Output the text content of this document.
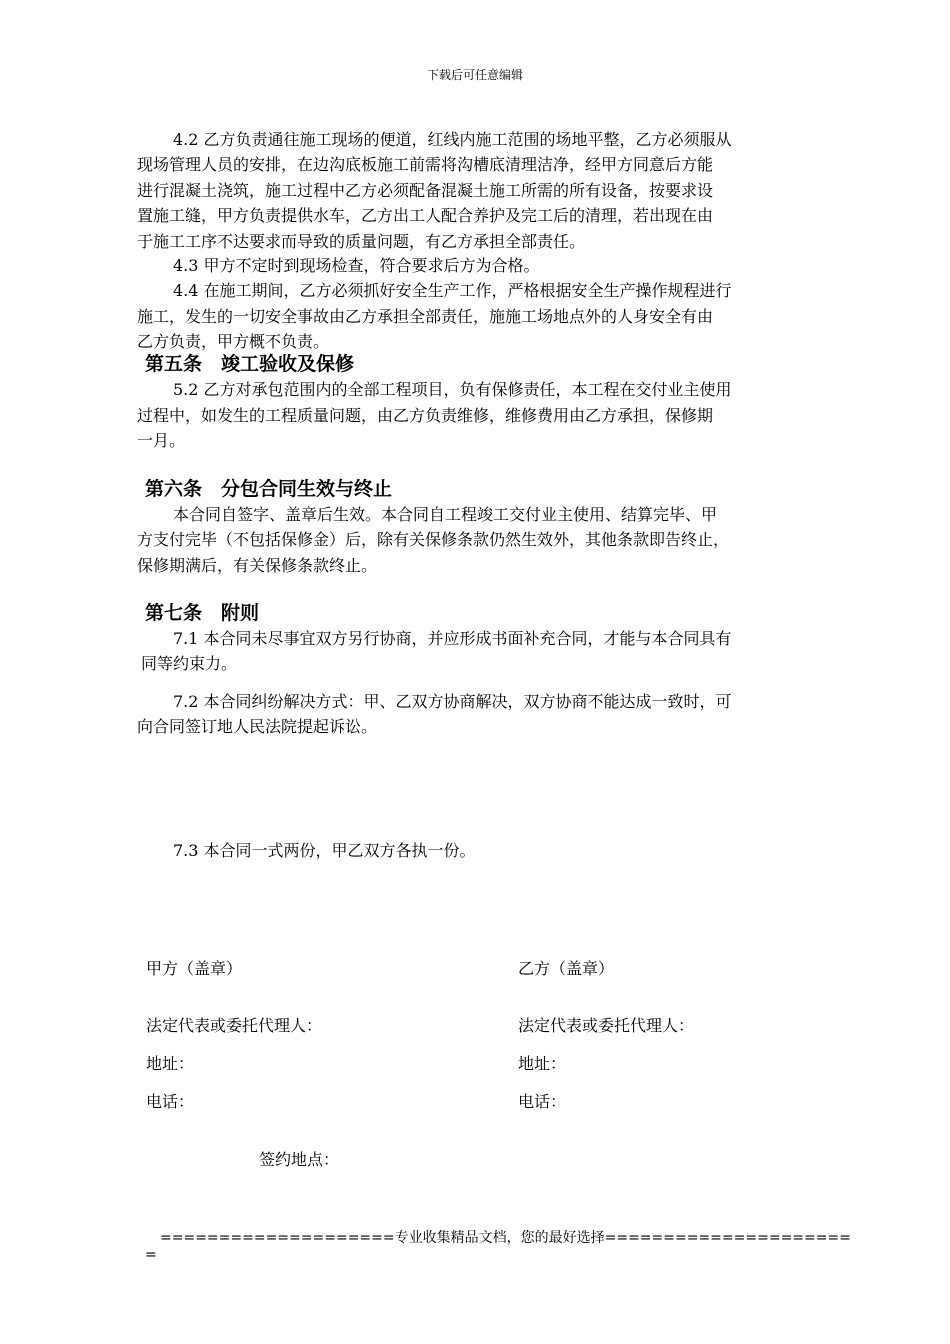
下载后可任意编辑
4.2 乙方负责通往施工现场的便道，红线内施工范围的场地平整，乙方必须服从
现场管理人员的安排，在边沟底板施工前需将沟槽底清理洁净，经甲方同意后方能
进行混凝土浇筑，施工过程中乙方必须配备混凝土施工所需的所有设备，按要求设
置施工缝，甲方负责提供水车，乙方出工人配合养护及完工后的清理，若出现在由
于施工工序不达要求而导致的质量问题，有乙方承担全部责任。
4.3 甲方不定时到现场检查，符合要求后方为合格。
4.4 在施工期间，乙方必须抓好安全生产工作，严格根据安全生产操作规程进行
施工，发生的一切安全事故由乙方承担全部责任，施施工场地点外的人身安全有由
乙方负责，甲方概不负责。
第五条　竣工验收及保修
5.2 乙方对承包范围内的全部工程项目，负有保修责任，本工程在交付业主使用
过程中，如发生的工程质量问题，由乙方负责维修，维修费用由乙方承担，保修期
一月。
第六条　分包合同生效与终止
本合同自签字、盖章后生效。本合同自工程竣工交付业主使用、结算完毕、甲
方支付完毕（不包括保修金）后，除有关保修条款仍然生效外，其他条款即告终止，
保修期满后，有关保修条款终止。
第七条　附则
7.1 本合同未尽事宜双方另行协商，并应形成书面补充合同，才能与本合同具有
同等约束力。
7.2 本合同纠纷解决方式：甲、乙双方协商解决，双方协商不能达成一致时，可
向合同签订地人民法院提起诉讼。
7.3 本合同一式两份，甲乙双方各执一份。
甲方（盖章）	乙方（盖章）
法定代表或委托代理人：	法定代表或委托代理人：
地址：	地址：
电话：	电话：
签约地点：
====================专业收集精品文档，您的最好选择=====================
=
